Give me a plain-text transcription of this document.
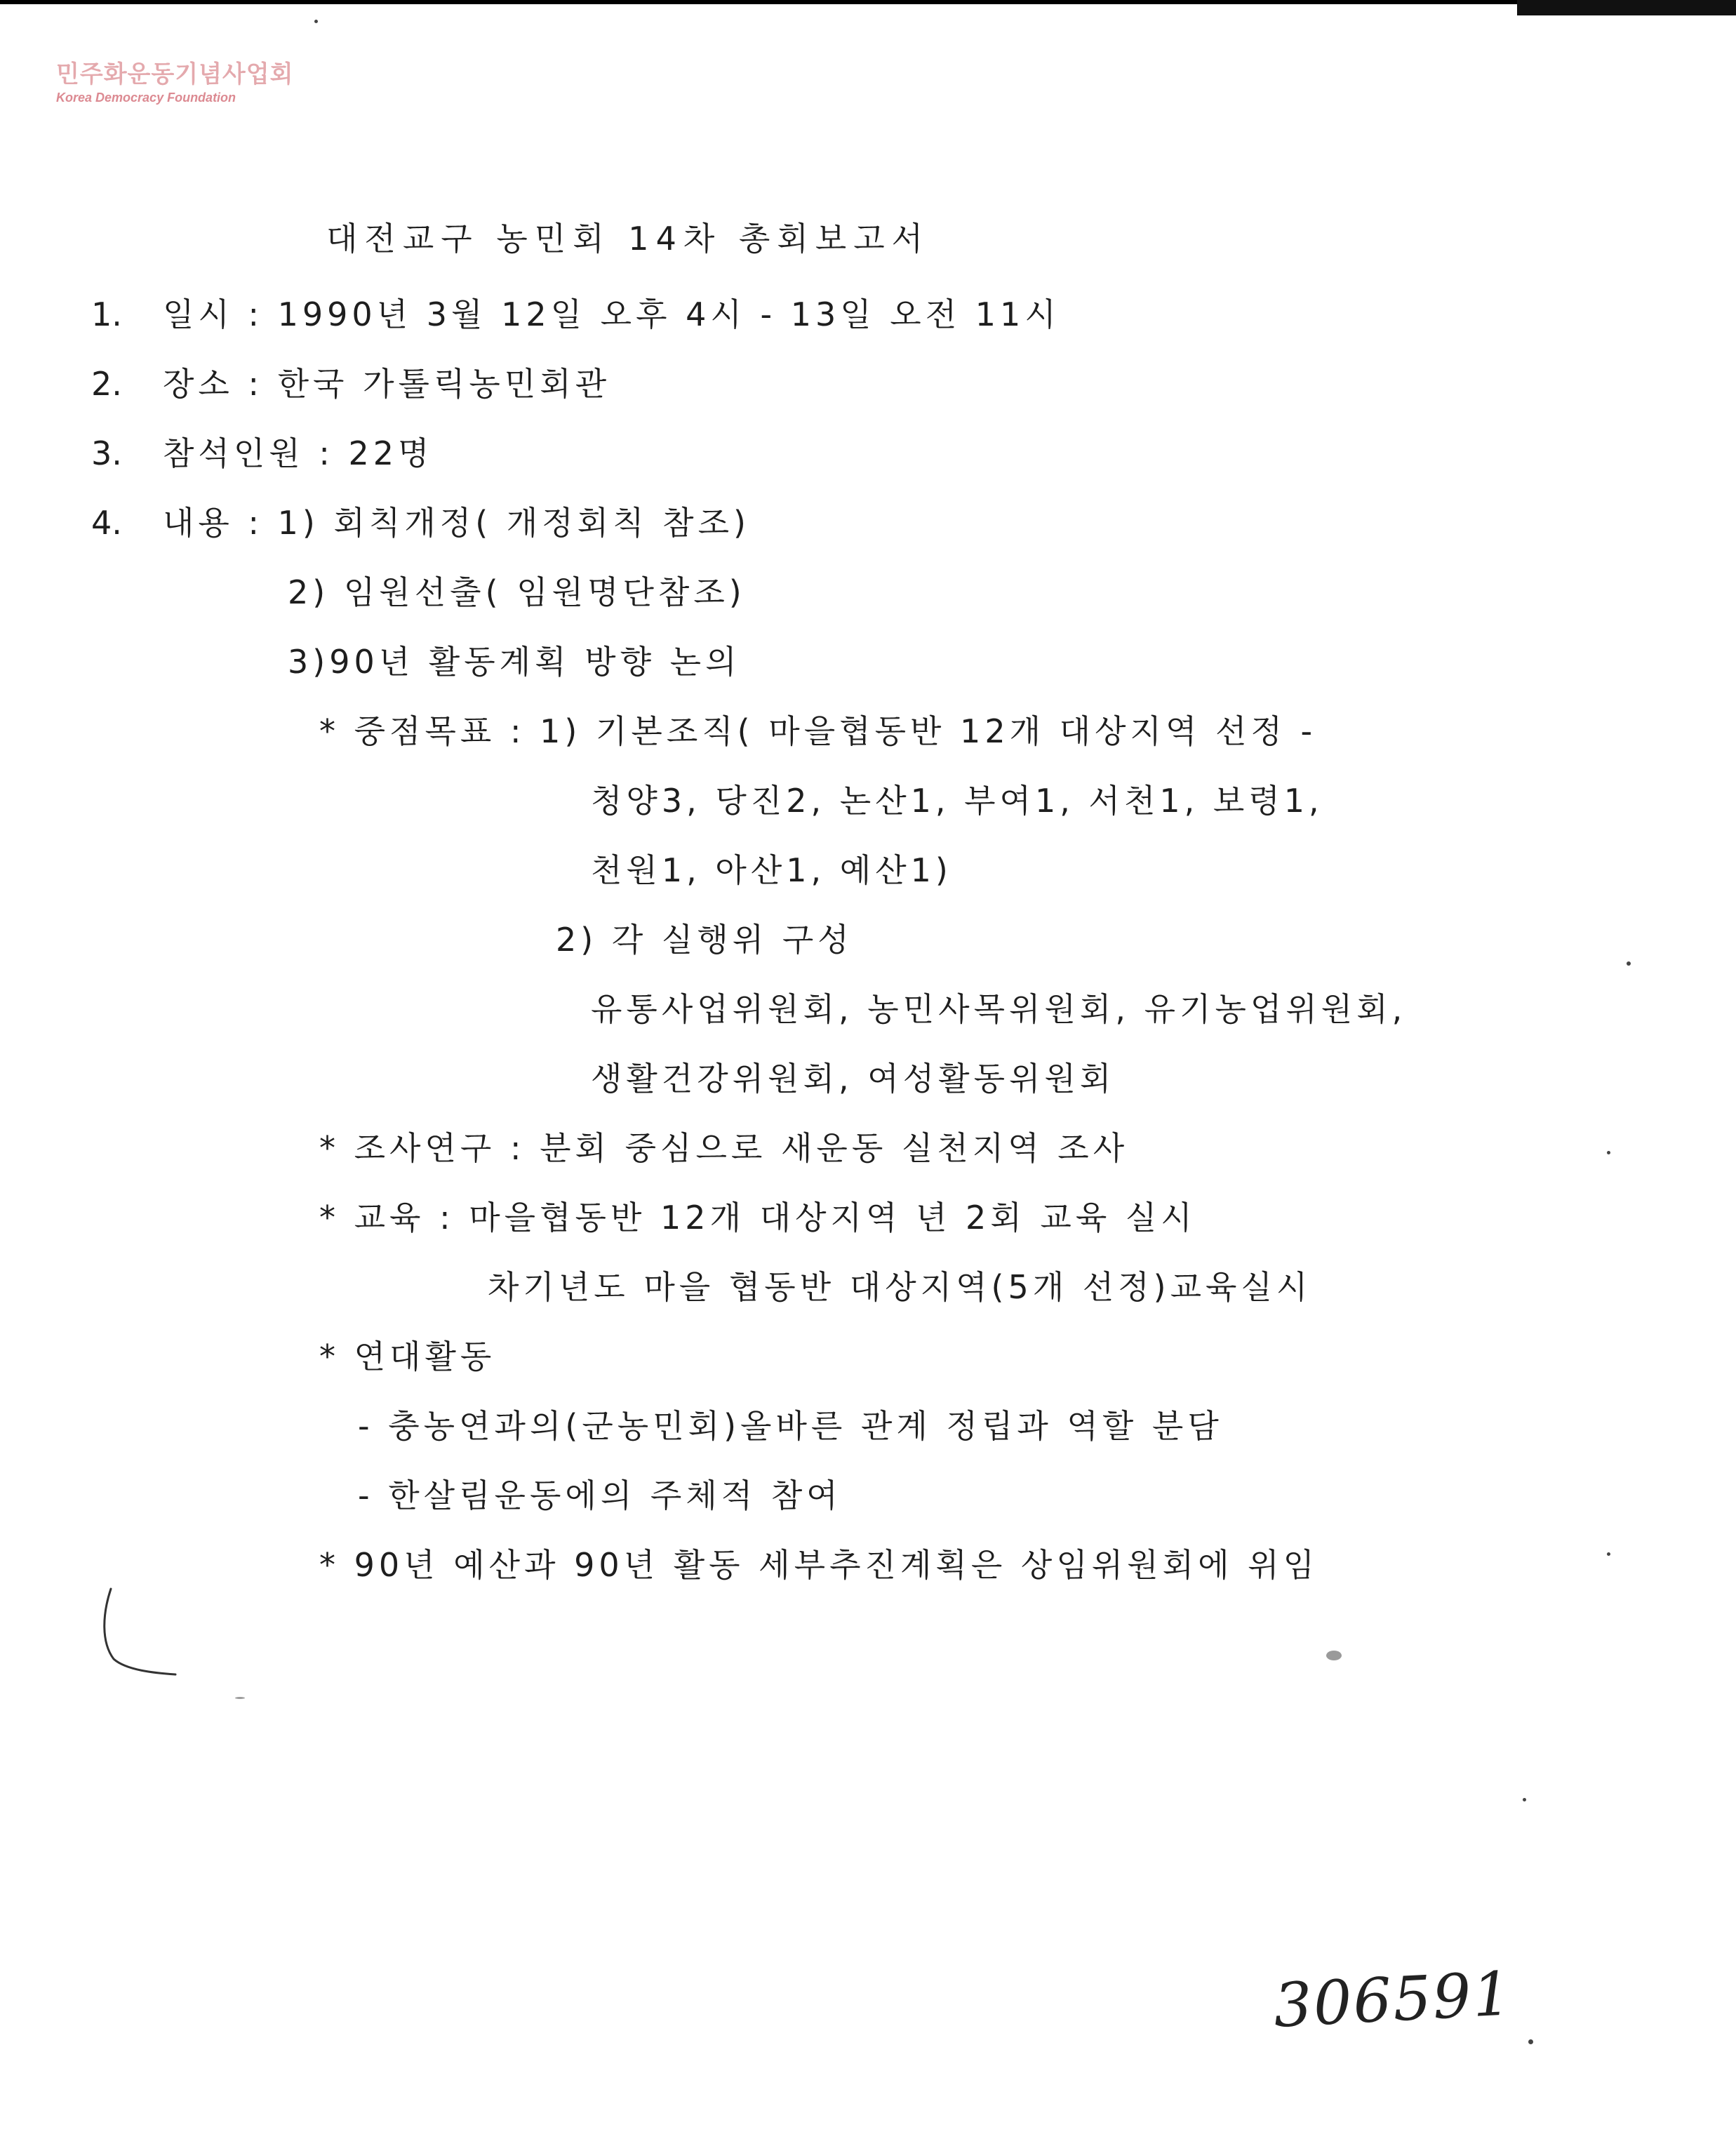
민주화운동기념사업회
Korea Democracy Foundation
대전교구 농민회 14차 총회보고서
1. 일시 : 1990년 3월 12일 오후 4시 - 13일 오전 11시
2. 장소 : 한국 가톨릭농민회관
3. 참석인원 : 22명
4. 내용 : 1) 회칙개정( 개정회칙 참조)
2) 임원선출( 임원명단참조)
3)90년 활동계획 방향 논의
* 중점목표 : 1) 기본조직( 마을협동반 12개 대상지역 선정 -
청양3, 당진2, 논산1, 부여1, 서천1, 보령1,
천원1, 아산1, 예산1)
2) 각 실행위 구성
유통사업위원회, 농민사목위원회, 유기농업위원회,
생활건강위원회, 여성활동위원회
* 조사연구 : 분회 중심으로 새운동 실천지역 조사
* 교육 : 마을협동반 12개 대상지역 년 2회 교육 실시
차기년도 마을 협동반 대상지역(5개 선정)교육실시
* 연대활동
- 충농연과의(군농민회)올바른 관계 정립과 역할 분담
- 한살림운동에의 주체적 참여
* 90년 예산과 90년 활동 세부추진계획은 상임위원회에 위임
306591
